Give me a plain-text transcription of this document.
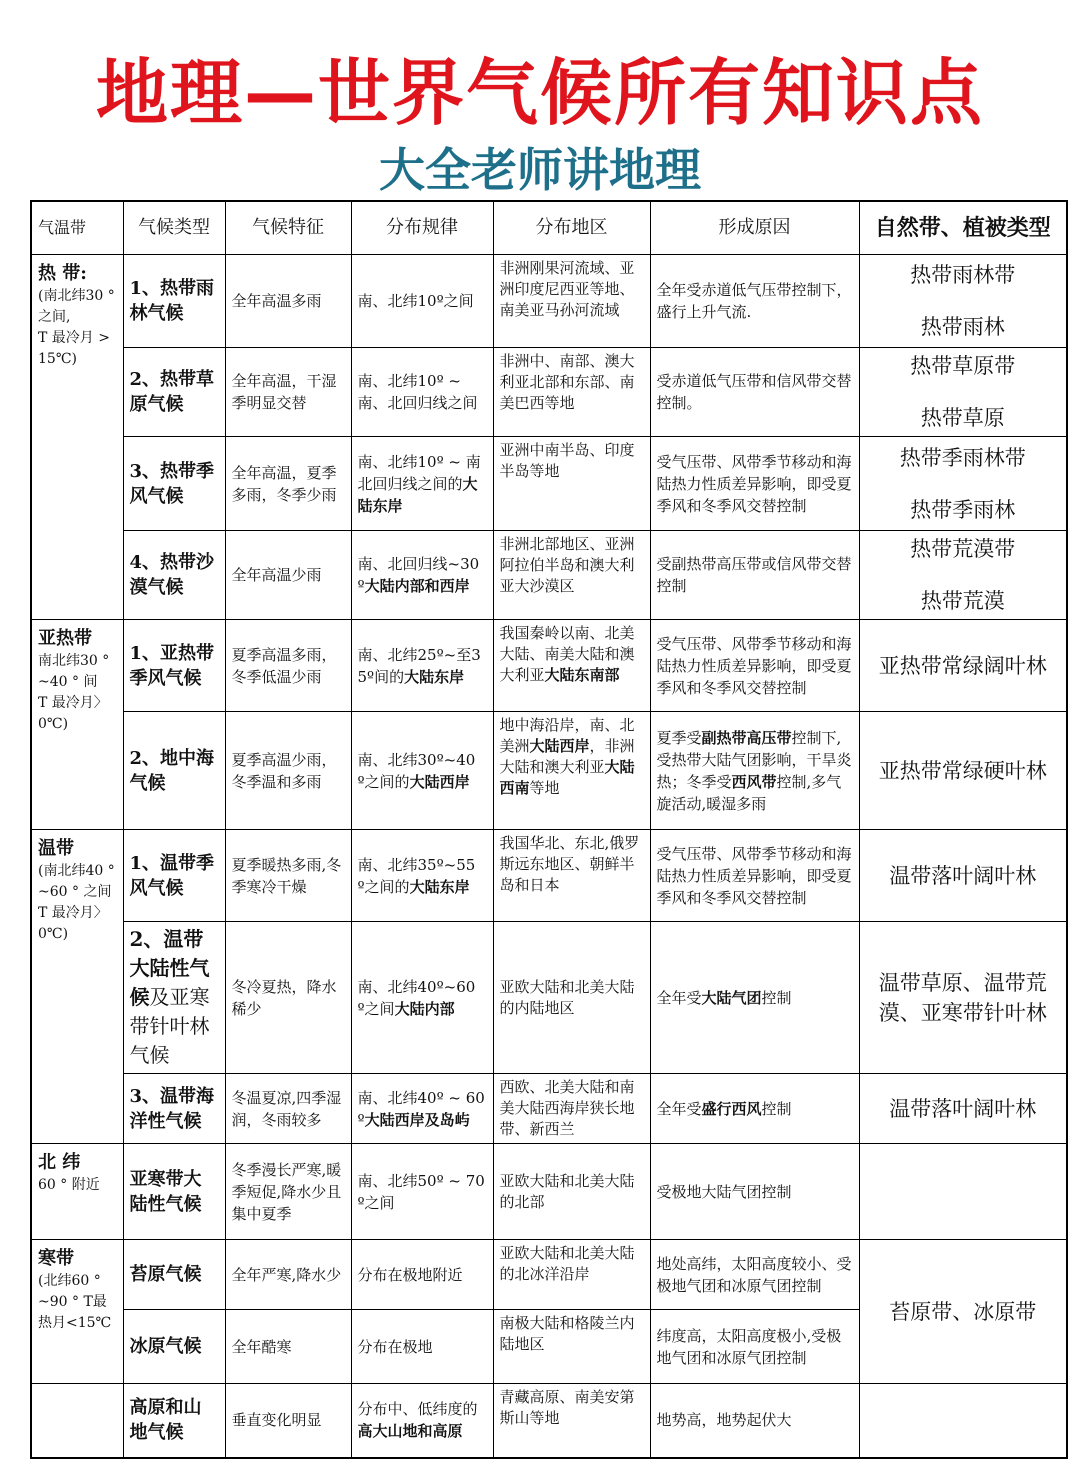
地理—世界气候所有知识点
大全老师讲地理
气温带	气候类型	气候特征	分布规律	分布地区	形成原因	自然带、植被类型
热 带:
(南北纬30 ° 之间,
T 最冷月 >15℃)	1、热带雨林气候	全年高温多雨	南、北纬10º之间	非洲刚果河流域、亚洲印度尼西亚等地、南美亚马孙河流域	全年受赤道低气压带控制下，盛行上升气流.	热带雨林带
热带雨林

	2、热带草原气候	全年高温，干湿季明显交替	南、北纬10º ~ 南、北回归线之间	非洲中、南部、澳大利亚北部和东部、南美巴西等地	受赤道低气压带和信风带交替控制。	热带草原带
热带草原

	3、热带季风气候	全年高温，夏季多雨，冬季少雨	南、北纬10º ~ 南北回归线之间的大陆东岸	亚洲中南半岛、印度半岛等地	受气压带、风带季节移动和海陆热力性质差异影响，即受夏季风和冬季风交替控制	热带季雨林带
热带季雨林

	4、热带沙漠气候	全年高温少雨	南、北回归线~30 º大陆内部和西岸	非洲北部地区、亚洲阿拉伯半岛和澳大利亚大沙漠区	受副热带高压带或信风带交替控制	热带荒漠带
热带荒漠

亚热带
南北纬30 ° ~40 ° 间
T 最冷月〉0℃)	1、亚热带季风气候	夏季高温多雨，冬季低温少雨	南、北纬25º~至35º间的大陆东岸	我国秦岭以南、北美大陆、南美大陆和澳大利亚大陆东南部	受气压带、风带季节移动和海陆热力性质差异影响，即受夏季风和冬季风交替控制	亚热带常绿阔叶林
	2、地中海气候	夏季高温少雨，冬季温和多雨	南、北纬30º~40 º之间的大陆西岸	地中海沿岸，南、北美洲大陆西岸，非洲大陆和澳大利亚大陆西南等地	夏季受副热带高压带控制下,受热带大陆气团影响，干旱炎热；冬季受西风带控制,多气旋活动,暖湿多雨	亚热带常绿硬叶林
温带
(南北纬40 ° ~60 ° 之间
T 最冷月〉0℃)	1、温带季风气候	夏季暖热多雨,冬季寒冷干燥	南、北纬35º~55 º之间的大陆东岸	我国华北、东北,俄罗斯远东地区、朝鲜半岛和日本	受气压带、风带季节移动和海陆热力性质差异影响，即受夏季风和冬季风交替控制	温带落叶阔叶林
	2、温带大陆性气候及亚寒带针叶林气候	冬冷夏热，降水稀少	南、北纬40º~60 º之间大陆内部	亚欧大陆和北美大陆的内陆地区	全年受大陆气团控制	温带草原、温带荒漠、亚寒带针叶林
	3、温带海洋性气候	冬温夏凉,四季湿润，冬雨较多	南、北纬40º ~ 60 º大陆西岸及岛屿	西欧、北美大陆和南美大陆西海岸狭长地带、新西兰	全年受盛行西风控制	温带落叶阔叶林
北 纬
60 ° 附近	亚寒带大陆性气候	冬季漫长严寒,暖季短促,降水少且集中夏季	南、北纬50º ~ 70 º之间	亚欧大陆和北美大陆的北部	受极地大陆气团控制	
寒带
(北纬60 ° ~90 ° T最热月<15℃	苔原气候	全年严寒,降水少	分布在极地附近	亚欧大陆和北美大陆的北冰洋沿岸	地处高纬，太阳高度较小、受极地气团和冰原气团控制	苔原带、冰原带
	冰原气候	全年酷寒	分布在极地	南极大陆和格陵兰内陆地区	纬度高，太阳高度极小,受极地气团和冰原气团控制	
	高原和山地气候	垂直变化明显	分布中、低纬度的高大山地和高原	青藏高原、南美安第斯山等地	地势高，地势起伏大	
